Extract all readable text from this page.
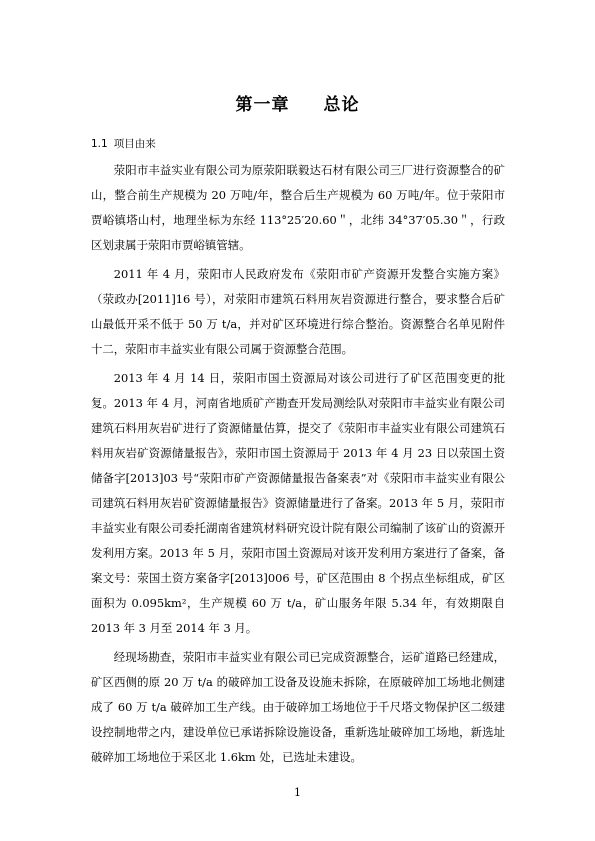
第一章 总论
1.1 项目由来

荥阳市丰益实业有限公司为原荥阳联毅达石材有限公司三厂进行资源整合的矿山，整合前生产规模为 20 万吨/年，整合后生产规模为 60 万吨/年。位于荥阳市贾峪镇塔山村，地理坐标为东经 113°25′20.60＂，北纬 34°37′05.30＂，行政区划隶属于荥阳市贾峪镇管辖。

2011 年 4 月，荥阳市人民政府发布《荥阳市矿产资源开发整合实施方案》（荥政办[2011]16 号），对荥阳市建筑石料用灰岩资源进行整合，要求整合后矿山最低开采不低于 50 万 t/a，并对矿区环境进行综合整治。资源整合名单见附件十二，荥阳市丰益实业有限公司属于资源整合范围。

2013 年 4 月 14 日，荥阳市国土资源局对该公司进行了矿区范围变更的批复。2013 年 4 月，河南省地质矿产勘查开发局测绘队对荥阳市丰益实业有限公司建筑石料用灰岩矿进行了资源储量估算，提交了《荥阳市丰益实业有限公司建筑石料用灰岩矿资源储量报告》，荥阳市国土资源局于 2013 年 4 月 23 日以荥国土资储备字[2013]03 号“荥阳市矿产资源储量报告备案表”对《荥阳市丰益实业有限公司建筑石料用灰岩矿资源储量报告》资源储量进行了备案。2013 年 5 月，荥阳市丰益实业有限公司委托湖南省建筑材料研究设计院有限公司编制了该矿山的资源开发利用方案。2013 年 5 月，荥阳市国土资源局对该开发利用方案进行了备案，备案文号：荥国土资方案备字[2013]006 号，矿区范围由 8 个拐点坐标组成，矿区面积为 0.095km²，生产规模 60 万 t/a，矿山服务年限 5.34 年，有效期限自 2013 年 3 月至 2014 年 3 月。

经现场勘查，荥阳市丰益实业有限公司已完成资源整合，运矿道路已经建成，矿区西侧的原 20 万 t/a 的破碎加工设备及设施未拆除，在原破碎加工场地北侧建成了 60 万 t/a 破碎加工生产线。由于破碎加工场地位于千尺塔文物保护区二级建设控制地带之内，建设单位已承诺拆除设施设备，重新选址破碎加工场地，新选址破碎加工场地位于采区北 1.6km 处，已选址未建设。

1
